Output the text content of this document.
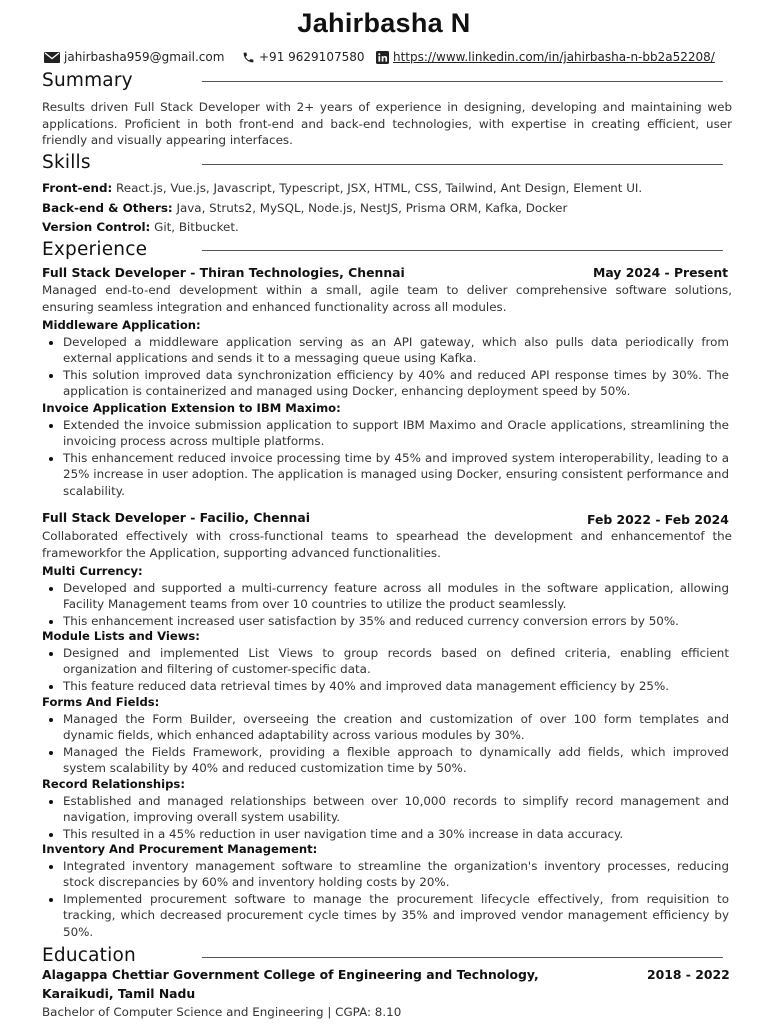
Jahirbasha N
jahirbasha959@gmail.com	+91 9629107580 https://www.linkedin.com/in/jahirbasha-n-bb2a52208/
Summary
Results driven Full Stack Developer with 2+ years of experience in designing, developing and maintaining web applications. Proficient in both front-end and back-end technologies, with expertise in creating efficient, user friendly and visually appearing interfaces.
Skills
Front-end: React.js, Vue.js, Javascript, Typescript, JSX, HTML, CSS, Tailwind, Ant Design, Element UI.
Back-end & Others: Java, Struts2, MySQL, Node.js, NestJS, Prisma ORM, Kafka, Docker
Version Control: Git, Bitbucket.
Experience
Full Stack Developer - Thiran Technologies, Chennai	May 2024 - Present
Managed end-to-end development within a small, agile team to deliver comprehensive software solutions, ensuring seamless integration and enhanced functionality across all modules.
Middleware Application:
Developed a middleware application serving as an API gateway, which also pulls data periodically from external applications and sends it to a messaging queue using Kafka.
This solution improved data synchronization efficiency by 40% and reduced API response times by 30%. The application is containerized and managed using Docker, enhancing deployment speed by 50%.
Invoice Application Extension to IBM Maximo:
Extended the invoice submission application to support IBM Maximo and Oracle applications, streamlining the invoicing process across multiple platforms.
This enhancement reduced invoice processing time by 45% and improved system interoperability, leading to a 25% increase in user adoption. The application is managed using Docker, ensuring consistent performance and scalability.
Full Stack Developer - Facilio, Chennai	Feb 2022 - Feb 2024
Collaborated effectively with cross-functional teams to spearhead the development and enhancementof the frameworkfor the Application, supporting advanced functionalities.
Multi Currency:
Developed and supported a multi-currency feature across all modules in the software application, allowing Facility Management teams from over 10 countries to utilize the product seamlessly.
This enhancement increased user satisfaction by 35% and reduced currency conversion errors by 50%.
Module Lists and Views:
Designed and implemented List Views to group records based on defined criteria, enabling efficient organization and filtering of customer-specific data.
This feature reduced data retrieval times by 40% and improved data management efficiency by 25%.
Forms And Fields:
Managed the Form Builder, overseeing the creation and customization of over 100 form templates and dynamic fields, which enhanced adaptability across various modules by 30%.
Managed the Fields Framework, providing a flexible approach to dynamically add fields, which improved system scalability by 40% and reduced customization time by 50%.
Record Relationships:
Established and managed relationships between over 10,000 records to simplify record management and navigation, improving overall system usability.
This resulted in a 45% reduction in user navigation time and a 30% increase in data accuracy.
Inventory And Procurement Management:
Integrated inventory management software to streamline the organization's inventory processes, reducing stock discrepancies by 60% and inventory holding costs by 20%.
Implemented procurement software to manage the procurement lifecycle effectively, from requisition to tracking, which decreased procurement cycle times by 35% and improved vendor management efficiency by 50%.
Education
Alagappa Chettiar Government College of Engineering and Technology,	2018 - 2022
Karaikudi, Tamil Nadu
Bachelor of Computer Science and Engineering | CGPA: 8.10
